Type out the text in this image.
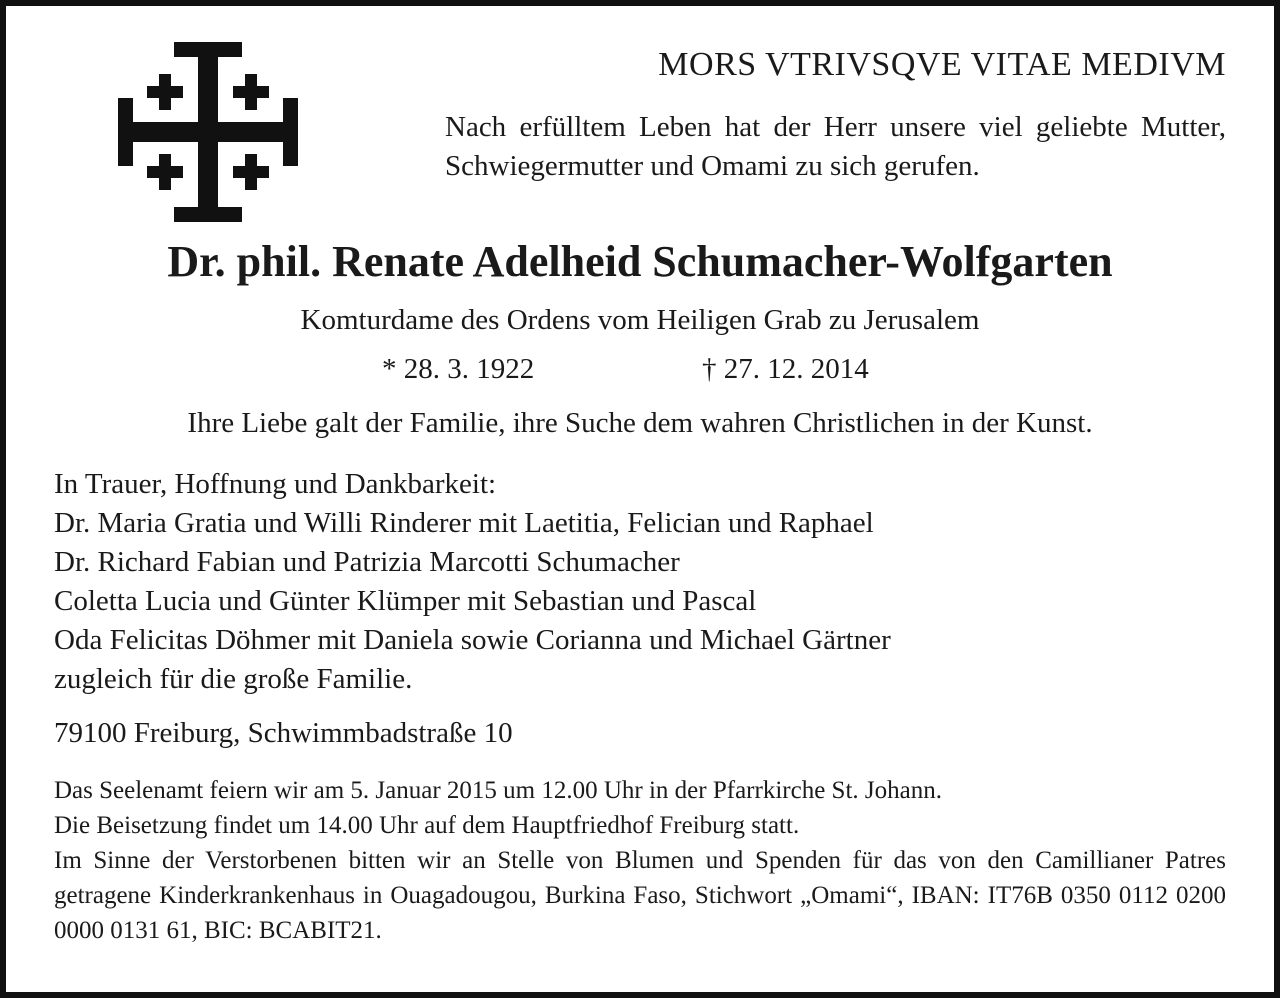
MORS VTRIVSQVE VITAE MEDIVM
Nach erfülltem Leben hat der Herr unsere viel geliebte Mutter, Schwiegermutter und Omami zu sich gerufen.
Dr. phil. Renate Adelheid Schumacher-Wolfgarten
Komturdame des Ordens vom Heiligen Grab zu Jerusalem
* 28. 3. 1922	† 27. 12. 2014
Ihre Liebe galt der Familie, ihre Suche dem wahren Christlichen in der Kunst.
In Trauer, Hoffnung und Dankbarkeit:
Dr. Maria Gratia und Willi Rinderer mit Laetitia, Felician und Raphael
Dr. Richard Fabian und Patrizia Marcotti Schumacher
Coletta Lucia und Günter Klümper mit Sebastian und Pascal
Oda Felicitas Döhmer mit Daniela sowie Corianna und Michael Gärtner
zugleich für die große Familie.
79100 Freiburg, Schwimmbadstraße 10
Das Seelenamt feiern wir am 5. Januar 2015 um 12.00 Uhr in der Pfarrkirche St. Johann.
Die Beisetzung findet um 14.00 Uhr auf dem Hauptfriedhof Freiburg statt.
Im Sinne der Verstorbenen bitten wir an Stelle von Blumen und Spenden für das von den Camillianer Patres getragene Kinderkrankenhaus in Ouagadougou, Burkina Faso, Stichwort „Omami“, IBAN: IT76B 0350 0112 0200 0000 0131 61, BIC: BCABIT21.
